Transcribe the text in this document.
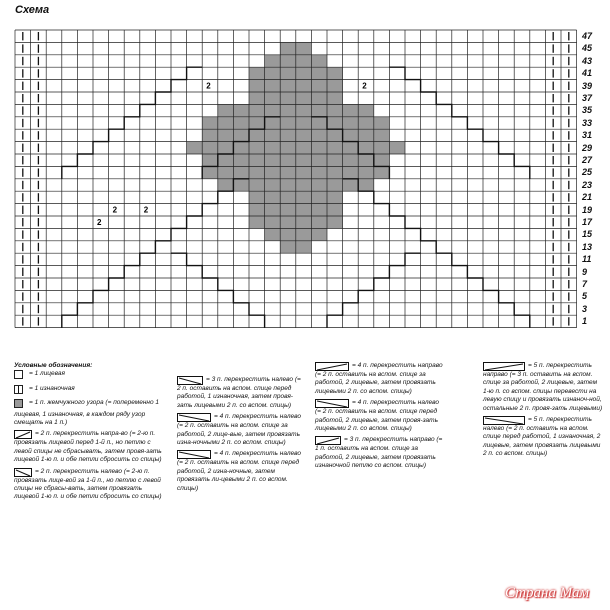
2	2
2	2
2
Схема
47
45
43
41
39
37
35
33
31
29
27
25
23
21
19
17
15
13
11
9
7
5
3
1
Условные обозначения:
= 1 лицевая
= 1 изнаночная
= 1 п. жемчужного узора (= попеременно 1 лицевая, 1 изнаночная, в каждом ряду узор смещать на 1 п.)
= 2 п. перекрестить напра-во (= 2-ю п. провязать лицевой перед 1-й п., но петлю с левой спицы не сбрасывать, затем провя-зать лицевой 1-ю п. и обе петли сбросить со спицы)
= 2 п. перекрестить налево (= 2-ю п. провязать лице-вой за 1-й п., но петлю с левой спицы не сбрасы-вать, затем провязать лицевой 1-ю п. и обе петли сбросить со спицы)
= 3 п. перекрестить налево (= 2 п. оставить на вспом. спице перед работой, 1 изнаночная, затем провя-зать лицевыми 2 п. со вспом. спицы)
= 4 п. перекрестить налево (= 2 п. оставить на вспом. спице за работой, 2 лице-вые, затем провязать изна-ночными 2 п. со вспом. спицы)
= 4 п. перекрестить налево (= 2 п. оставить на вспом. спице перед работой, 2 изна-ночные, затем провязать ли-цевыми 2 п. со вспом. спицы)
= 4 п. перекрестить направо (= 2 п. оставить на вспом. спице за работой, 2 лицевые, затем провязать лицевыми 2 п. со вспом. спицы)
= 4 п. перекрестить налево (= 2 п. оставить на вспом. спице перед работой, 2 лицевые, затем провя-зать лицевыми 2 п. со вспом. спицы)
= 3 п. перекрестить направо (= 1 п. оставить на вспом. спице за работой, 2 лицевые, затем провязать изнаночной петлю со вспом. спицы)
= 5 п. перекрестить направо (= 3 п. оставить на вспом. спице за работой, 2 лицевые, затем 1-ю п. со вспом. спицы перевести на левую спицу и провязать изнаноч-ной, остальные 2 п. провя-зать лицевыми)
= 5 п. перекрестить налево (= 2 п. оставить на вспом. спице перед работой, 1 изнаночная, 2 лицевые, затем провязать лицевыми 2 п. со вспом. спицы)
Страна Мам
